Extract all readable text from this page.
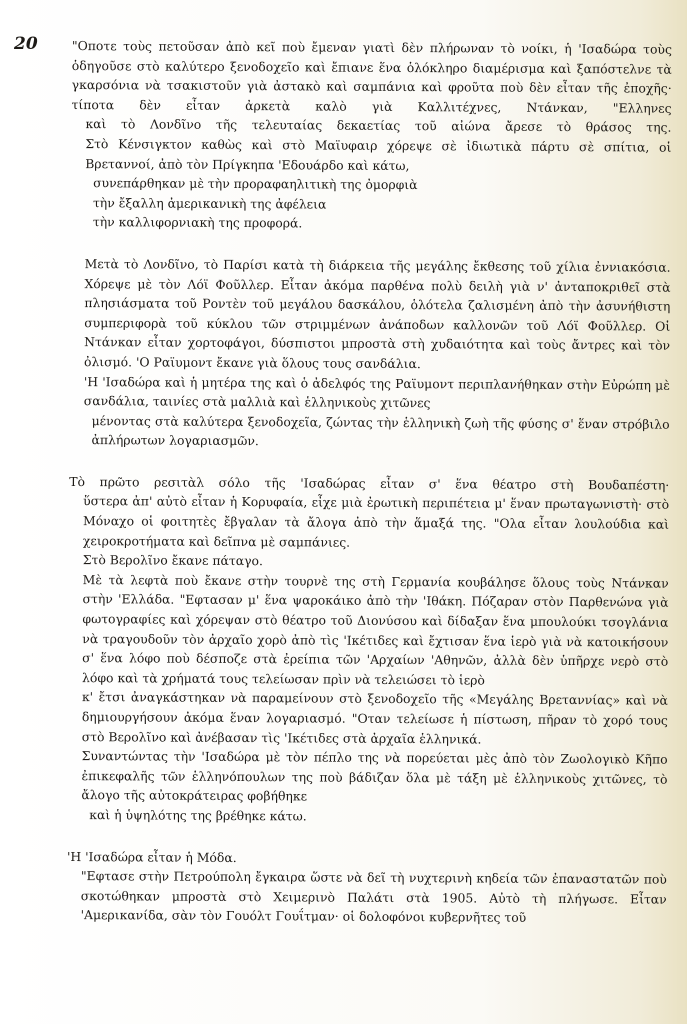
20	"Οποτε τοὺς πετοῦσαν ἀπὸ κεῖ ποὺ ἔμεναν γιατὶ δὲν πλήρωναν τὸ νοίκι, ἡ 'Ισαδώρα τοὺς ὁδηγοῦσε στὸ καλύτερο ξενοδοχεῖο καὶ ἔπιανε ἕνα ὁλόκληρο διαμέρισμα καὶ ξαπόστελνε τὰ γκαρσόνια νὰ τσακιστοῦν γιὰ ἀστακὸ καὶ σαμπάνια καὶ φροῦτα ποὺ δὲν εἶταν τῆς ἐποχῆς· τίποτα δὲν εἶταν ἀρκετὰ καλὸ γιὰ Καλλιτέχνες, Ντάνκαν, "Ελληνες

καὶ τὸ Λονδῖνο τῆς τελευταίας δεκαετίας τοῦ αἰώνα ἄρεσε τὸ θράσος της.

Στὸ Κένσιγκτον καθὼς καὶ στὸ Μαϊυφαιρ χόρεψε σὲ ἰδιωτικὰ πάρτυ σὲ σπίτια, οἱ Βρεταννοί, ἀπὸ τὸν Πρίγκηπα 'Εδουάρδο καὶ κάτω,

συνεπάρθηκαν μὲ τὴν προραφαηλιτικὴ της ὀμορφιὰ

τὴν ἔξαλλη ἀμερικανικὴ της ἀφέλεια

τὴν καλλιφορνιακὴ της προφορά.

Μετὰ τὸ Λονδῖνο, τὸ Παρίσι κατὰ τὴ διάρκεια τῆς μεγάλης ἔκθεσης τοῦ χίλια ἐννιακόσια. Χόρεψε μὲ τὸν Λόϊ Φοῦλλερ. Εἶταν ἀκόμα παρθένα πολὺ δειλὴ γιὰ ν' ἀνταποκριθεῖ στὰ πλησιάσματα τοῦ Ροντὲν τοῦ μεγάλου δασκάλου, ὁλότελα ζαλισμένη ἀπὸ τὴν ἀσυνήθιστη συμπεριφορὰ τοῦ κύκλου τῶν στριμμένων ἀνάποδων καλλονῶν τοῦ Λόϊ Φοῦλλερ. Οἱ Ντάνκαν εἶταν χορτοφάγοι, δύσπιστοι μπροστὰ στὴ χυδαιότητα καὶ τοὺς ἄντρες καὶ τὸν ὀλισμό. 'Ο Ραϊυμοντ ἔκανε γιὰ ὅλους τους σανδάλια.

'Η 'Ισαδώρα καὶ ἡ μητέρα της καὶ ὁ ἀδελφός της Ραϊυμοντ περιπλανήθηκαν στὴν Εὐρώπη μὲ σανδάλια, ταινίες στὰ μαλλιὰ καὶ ἑλληνικοὺς χιτῶνες

μένοντας στὰ καλύτερα ξενοδοχεῖα, ζώντας τὴν ἑλληνικὴ ζωὴ τῆς φύσης σ' ἕναν στρόβιλο ἀπλήρωτων λογαριασμῶν.

Τὸ πρῶτο ρεσιτὰλ σόλο τῆς 'Ισαδώρας εἶταν σ' ἕνα θέατρο στὴ Βουδαπέστη·

ὕστερα ἀπ' αὐτὸ εἶταν ἡ Κορυφαία, εἶχε μιὰ ἐρωτικὴ περιπέτεια μ' ἕναν πρωταγωνιστὴ· στὸ Μόναχο οἱ φοιτητὲς ἔβγαλαν τὰ ἄλογα ἀπὸ τὴν ἅμαξά της. "Ολα εἶταν λουλούδια καὶ χειροκροτήματα καὶ δεῖπνα μὲ σαμπάνιες.

Στὸ Βερολῖνο ἔκανε πάταγο.

Μὲ τὰ λεφτὰ ποὺ ἔκανε στὴν τουρνὲ της στὴ Γερμανία κουβάλησε ὅλους τοὺς Ντάνκαν στὴν 'Ελλάδα. "Εφτασαν μ' ἕνα ψαροκάικο ἀπὸ τὴν 'Ιθάκη. Πόζαραν στὸν Παρθενώνα γιὰ φωτογραφίες καὶ χόρεψαν στὸ θέατρο τοῦ Διονύσου καὶ δίδαξαν ἕνα μπουλούκι τσογλάνια νὰ τραγουδοῦν τὸν ἀρχαῖο χορὸ ἀπὸ τὶς 'Ικέτιδες καὶ ἔχτισαν ἕνα ἱερὸ γιὰ νὰ κατοικήσουν σ' ἕνα λόφο ποὺ δέσποζε στὰ ἐρείπια τῶν 'Αρχαίων 'Αθηνῶν, ἀλλὰ δὲν ὑπῆρχε νερὸ στὸ λόφο καὶ τὰ χρήματά τους τελείωσαν πρὶν νὰ τελειώσει τὸ ἱερὸ

κ' ἔτσι ἀναγκάστηκαν νὰ παραμείνουν στὸ ξενοδοχεῖο τῆς «Μεγάλης Βρεταννίας» καὶ νὰ δημιουργήσουν ἀκόμα ἕναν λογαριασμό. "Οταν τελείωσε ἡ πίστωση, πῆραν τὸ χορό τους στὸ Βερολῖνο καὶ ἀνέβασαν τὶς 'Ικέτιδες στὰ ἀρχαῖα ἑλληνικά.

Συναντώντας τὴν 'Ισαδώρα μὲ τὸν πέπλο της νὰ πορεύεται μὲς ἀπὸ τὸν Ζωολογικὸ Κῆπο ἐπικεφαλῆς τῶν ἑλληνόπουλων της ποὺ βάδιζαν ὅλα μὲ τάξη μὲ ἑλληνικοὺς χιτῶνες, τὸ ἄλογο τῆς αὐτοκράτειρας φοβήθηκε

καὶ ἡ ὑψηλότης της βρέθηκε κάτω.

'Η 'Ισαδώρα εἶταν ἡ Μόδα.

"Εφτασε στὴν Πετρούπολη ἔγκαιρα ὥστε νὰ δεῖ τὴ νυχτερινὴ κηδεία τῶν ἐπαναστατῶν ποὺ σκοτώθηκαν μπροστὰ στὸ Χειμερινὸ Παλάτι στὰ 1905. Αὐτὸ τὴ πλήγωσε. Εἶταν 'Αμερικανίδα, σὰν τὸν Γουόλτ Γουΐτμαν· οἱ δολοφόνοι κυβερνῆτες τοῦ
